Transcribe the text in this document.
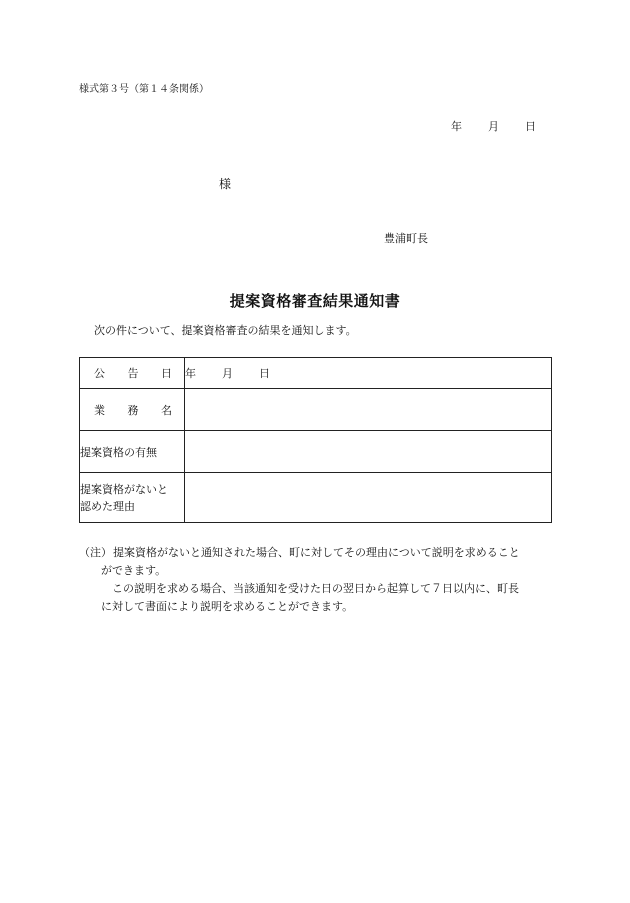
様式第３号（第１４条関係）
年 月 日
様
豊浦町長
提案資格審査結果通知書
次の件について、提案資格審査の結果を通知します。
公 告 日	年 月 日

業 務 名	

提案資格の有無	

提案資格がないと
認めた理由	

（注）提案資格がないと通知された場合、町に対してその理由について説明を求めること
ができます。
この説明を求める場合、当該通知を受けた日の翌日から起算して７日以内に、町長
に対して書面により説明を求めることができます。
